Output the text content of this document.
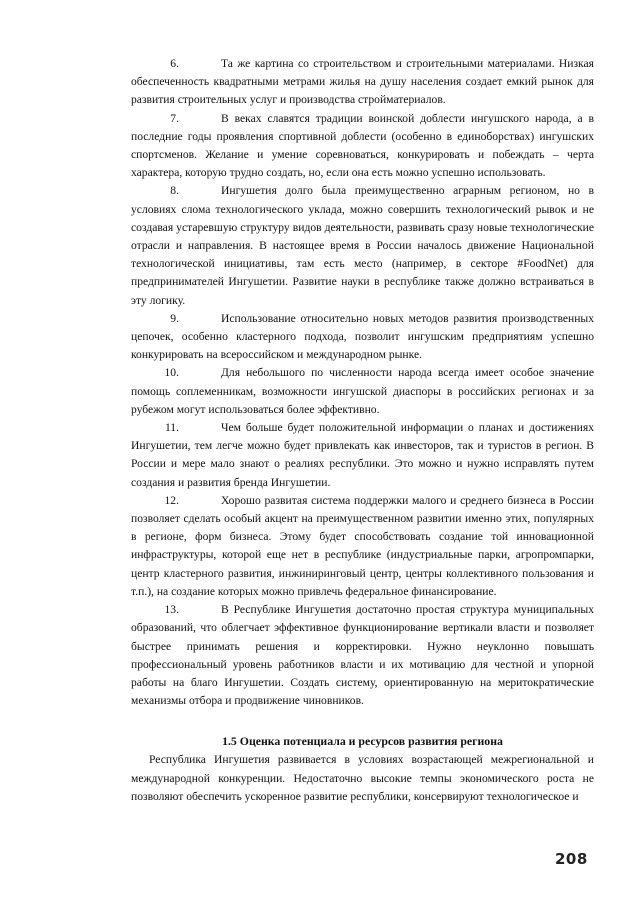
6.	Та же картина со строительством и строительными материалами. Низкая обеспеченность квадратными метрами жилья на душу населения создает емкий рынок для развития строительных услуг и производства стройматериалов.

7.	В веках славятся традиции воинской доблести ингушского народа, а в последние годы проявления спортивной доблести (особенно в единоборствах) ингушских спортсменов. Желание и умение соревноваться, конкурировать и побеждать – черта характера, которую трудно создать, но, если она есть можно успешно использовать.

8.	Ингушетия долго была преимущественно аграрным регионом, но в условиях слома технологического уклада, можно совершить технологический рывок и не создавая устаревшую структуру видов деятельности, развивать сразу новые технологические отрасли и направления. В настоящее время в России началось движение Национальной технологической инициативы, там есть место (например, в секторе #FoodNet) для предпринимателей Ингушетии. Развитие науки в республике также должно встраиваться в эту логику.

9.	Использование относительно новых методов развития производственных цепочек, особенно кластерного подхода, позволит ингушским предприятиям успешно конкурировать на всероссийском и международном рынке.

10.	Для небольшого по численности народа всегда имеет особое значение помощь соплеменникам, возможности ингушской диаспоры в российских регионах и за рубежом могут использоваться более эффективно.

11.	Чем больше будет положительной информации о планах и достижениях Ингушетии, тем легче можно будет привлекать как инвесторов, так и туристов в регион. В России и мере мало знают о реалиях республики. Это можно и нужно исправлять путем создания и развития бренда Ингушетии.

12.	Хорошо развитая система поддержки малого и среднего бизнеса в России позволяет сделать особый акцент на преимущественном развитии именно этих, популярных в регионе, форм бизнеса. Этому будет способствовать создание той инновационной инфраструктуры, которой еще нет в республике (индустриальные парки, агропромпарки, центр кластерного развития, инжиниринговый центр, центры коллективного пользования и т.п.), на создание которых можно привлечь федеральное финансирование.

13.	В Республике Ингушетия достаточно простая структура муниципальных образований, что облегчает эффективное функционирование вертикали власти и позволяет быстрее принимать решения и корректировки. Нужно неуклонно повышать профессиональный уровень работников власти и их мотивацию для честной и упорной работы на благо Ингушетии. Создать систему, ориентированную на меритократические механизмы отбора и продвижение чиновников.

1.5 Оценка потенциала и ресурсов развития региона

Республика Ингушетия развивается в условиях возрастающей межрегиональной и международной конкуренции. Недостаточно высокие темпы экономического роста не позволяют обеспечить ускоренное развитие республики, консервируют технологическое и

208
